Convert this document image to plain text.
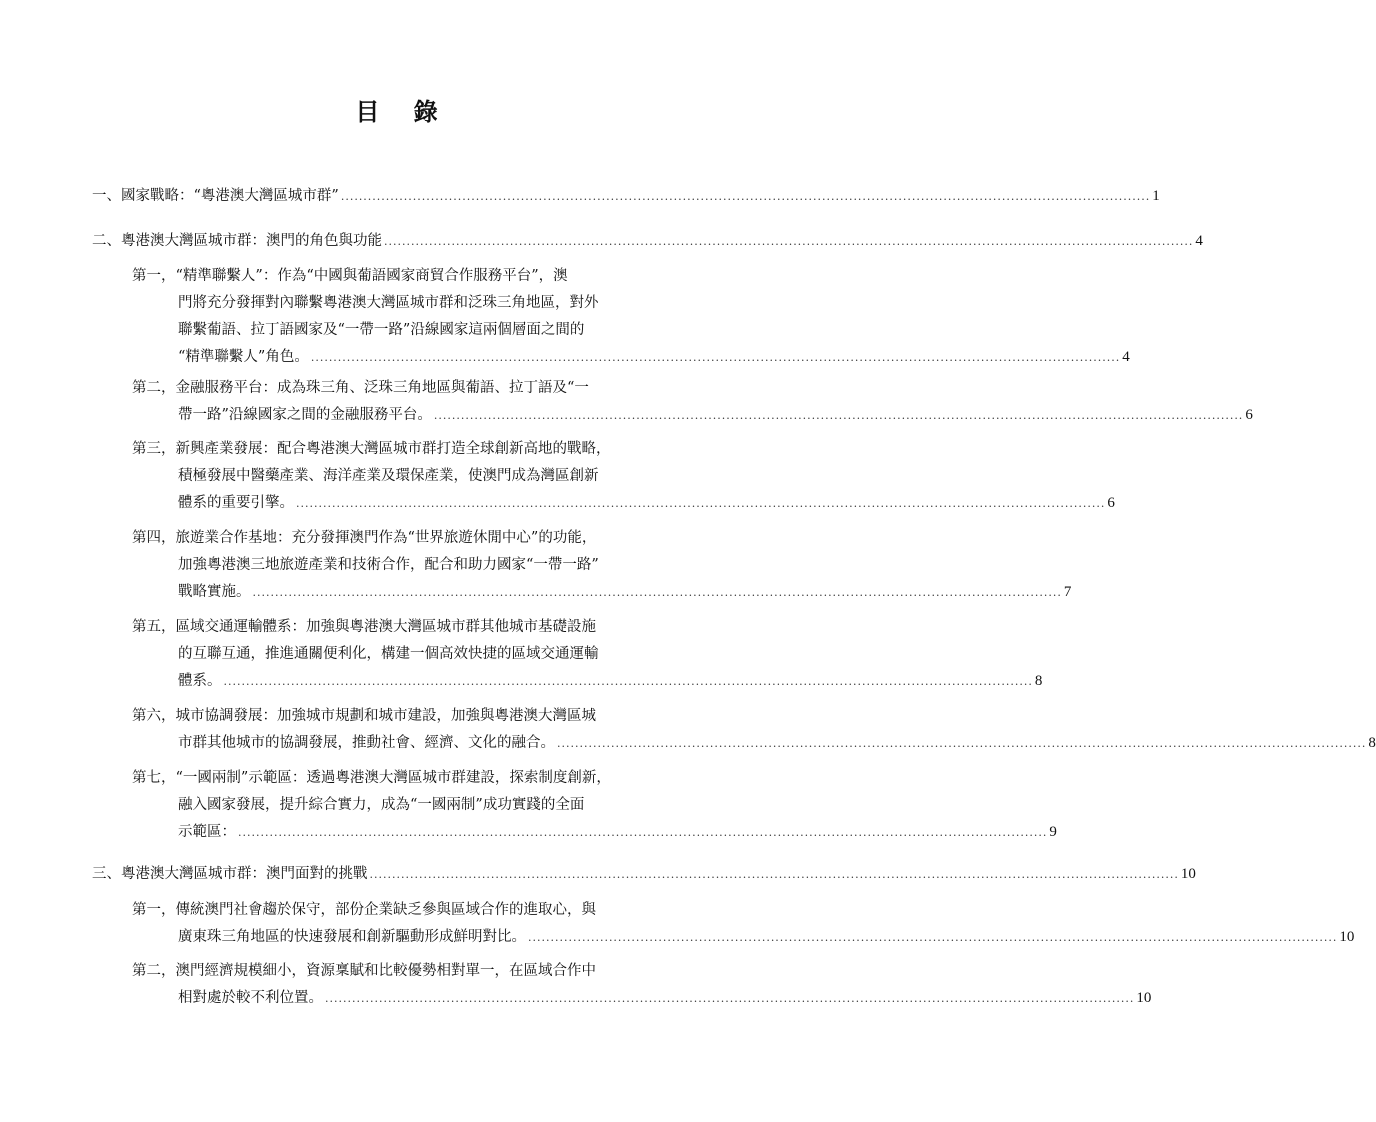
目 錄
一、國家戰略：“粵港澳大灣區城市群” .................................................................................................................................................................................... 1
二、粵港澳大灣區城市群：澳門的角色與功能 .................................................................................................................................................................................... 4
第一，“精準聯繫人”：作為“中國與葡語國家商貿合作服務平台”，澳
門將充分發揮對內聯繫粵港澳大灣區城市群和泛珠三角地區，對外
聯繫葡語、拉丁語國家及“一帶一路”沿線國家這兩個層面之間的
“精準聯繫人”角色。 .................................................................................................................................................................................... 4
第二，金融服務平台：成為珠三角、泛珠三角地區與葡語、拉丁語及“一
帶一路”沿線國家之間的金融服務平台。 .................................................................................................................................................................................... 6
第三，新興產業發展：配合粵港澳大灣區城市群打造全球創新高地的戰略，
積極發展中醫藥產業、海洋產業及環保產業，使澳門成為灣區創新
體系的重要引擎。 .................................................................................................................................................................................... 6
第四，旅遊業合作基地：充分發揮澳門作為“世界旅遊休閒中心”的功能，
加強粵港澳三地旅遊產業和技術合作，配合和助力國家“一帶一路”
戰略實施。 .................................................................................................................................................................................... 7
第五，區域交通運輸體系：加強與粵港澳大灣區城市群其他城市基礎設施
的互聯互通，推進通關便利化，構建一個高效快捷的區域交通運輸
體系。 .................................................................................................................................................................................... 8
第六，城市協調發展：加強城市規劃和城市建設，加強與粵港澳大灣區城
市群其他城市的協調發展，推動社會、經濟、文化的融合。 .................................................................................................................................................................................... 8
第七，“一國兩制”示範區：透過粵港澳大灣區城市群建設，探索制度創新，
融入國家發展，提升綜合實力，成為“一國兩制”成功實踐的全面
示範區： .................................................................................................................................................................................... 9
三、粵港澳大灣區城市群：澳門面對的挑戰 .................................................................................................................................................................................... 10
第一，傳統澳門社會趨於保守，部份企業缺乏參與區域合作的進取心，與
廣東珠三角地區的快速發展和創新驅動形成鮮明對比。 .................................................................................................................................................................................... 10
第二，澳門經濟規模細小，資源稟賦和比較優勢相對單一，在區域合作中
相對處於較不利位置。 .................................................................................................................................................................................... 10
